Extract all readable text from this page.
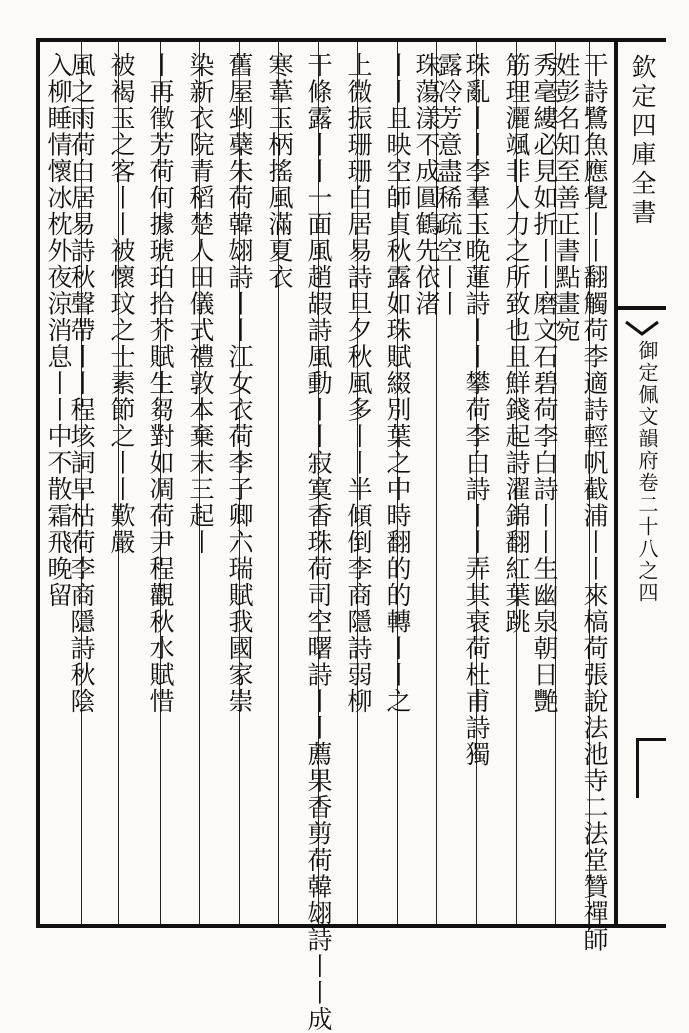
干詩鷺魚應覺丨丨翻觸荷李適詩輕帆截浦丨丨來槁荷張說法池寺二法堂贊禪師
姓彭名知至善正書點畫宛
秀毫縷必見如折丨丨磨文石碧荷李白詩丨丨生幽泉朝日艷
筋理灑颯非人力之所致也且鮮錢起詩濯錦翻紅葉跳
珠亂丨丨李羣玉晚蓮詩丨丨攀荷李白詩丨丨弄其衰荷杜甫詩獨
露冷芳意盡稀疏空丨丨
珠蕩漾不成圓鶴先依渚
丨丨且映空師貞秋露如珠賦綴別葉之中時翻的的轉丨丨之
上微振珊珊白居易詩旦夕秋風多丨丨半傾倒李商隱詩弱柳
干條露丨丨一面風趙嘏詩風動丨丨寂寞香珠荷司空曙詩丨丨薦果香剪荷韓翃詩丨丨成
寒葦玉柄搖風滿夏衣
舊屋剉蘗朱荷韓翃詩丨丨江女衣荷李子卿六瑞賦我國家崇
染新衣院青稻楚人田儀式禮敦本棄末三起丨
丨再徵芳荷何據琥珀拾芥賦生芻對如凋荷尹程觀秋水賦惜
被褐玉之客丨丨被懷玟之士素節之丨丨歎嚴
風之雨荷白居易詩秋聲帶丨丨程垓詞早枯荷李商隱詩秋陰
入柳睡情懷冰枕外夜涼消息丨丨中不散霜飛晚留	欽定四庫全書
御定佩文韻府卷二十八之四
